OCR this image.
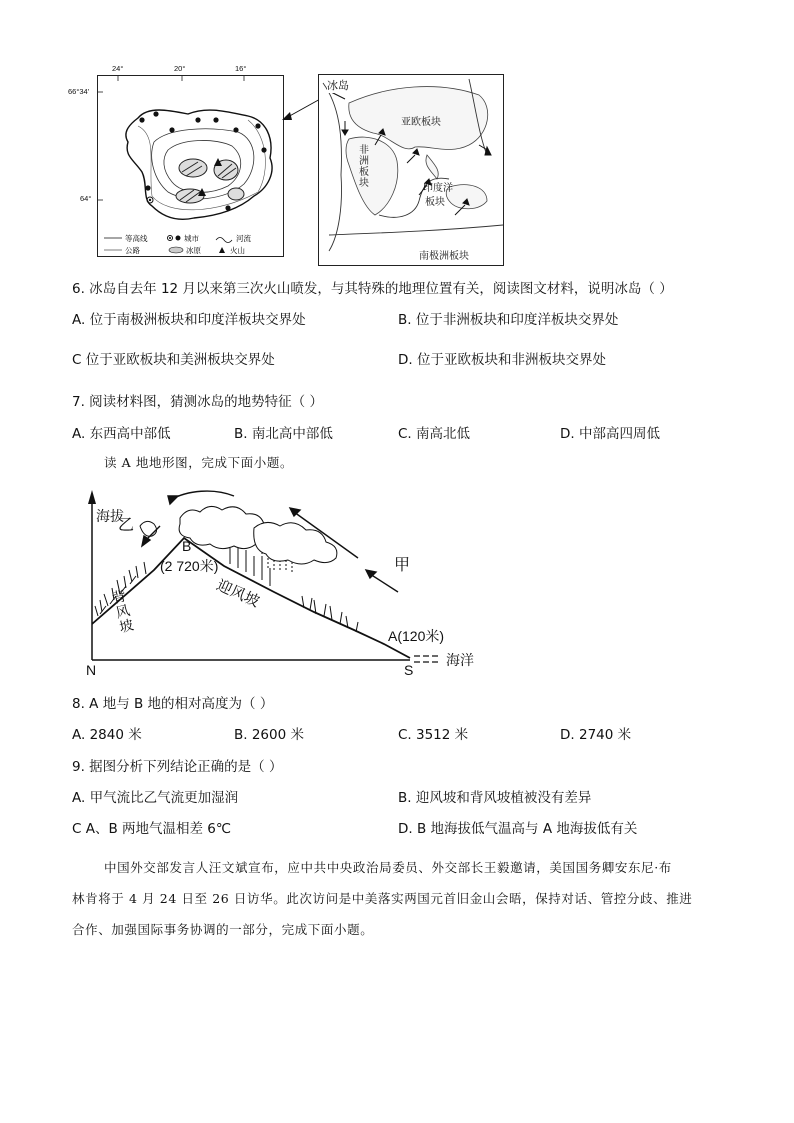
24°	20°	16°
66°34'
64°
等高线	城市	河流
公路	冰原	火山
冰岛
亚欧板块
非
洲
板
块	印度洋
板块
南极洲板块
6. 冰岛自去年 12 月以来第三次火山喷发，与其特殊的地理位置有关，阅读图文材料，说明冰岛（ ）
A. 位于南极洲板块和印度洋板块交界处	B. 位于非洲板块和印度洋板块交界处
C 位于亚欧板块和美洲板块交界处	D. 位于亚欧板块和非洲板块交界处
7. 阅读材料图，猜测冰岛的地势特征（ ）
A. 东西高中部低	B. 南北高中部低	C. 南高北低	D. 中部高四周低
读 A 地地形图，完成下面小题。
海拔
乙
甲
B
(2 720米)
迎风坡
背
风
坡	A(120米)
N	S
海洋
8. A 地与 B 地的相对高度为（ ）
A. 2840 米	B. 2600 米	C. 3512 米	D. 2740 米
9. 据图分析下列结论正确的是（ ）
A. 甲气流比乙气流更加湿润	B. 迎风坡和背风坡植被没有差异
C A、B 两地气温相差 6℃	D. B 地海拔低气温高与 A 地海拔低有关
中国外交部发言人汪文斌宣布，应中共中央政治局委员、外交部长王毅邀请，美国国务卿安东尼·布
林肯将于 4 月 24 日至 26 日访华。此次访问是中美落实两国元首旧金山会晤，保持对话、管控分歧、推进
合作、加强国际事务协调的一部分，完成下面小题。
